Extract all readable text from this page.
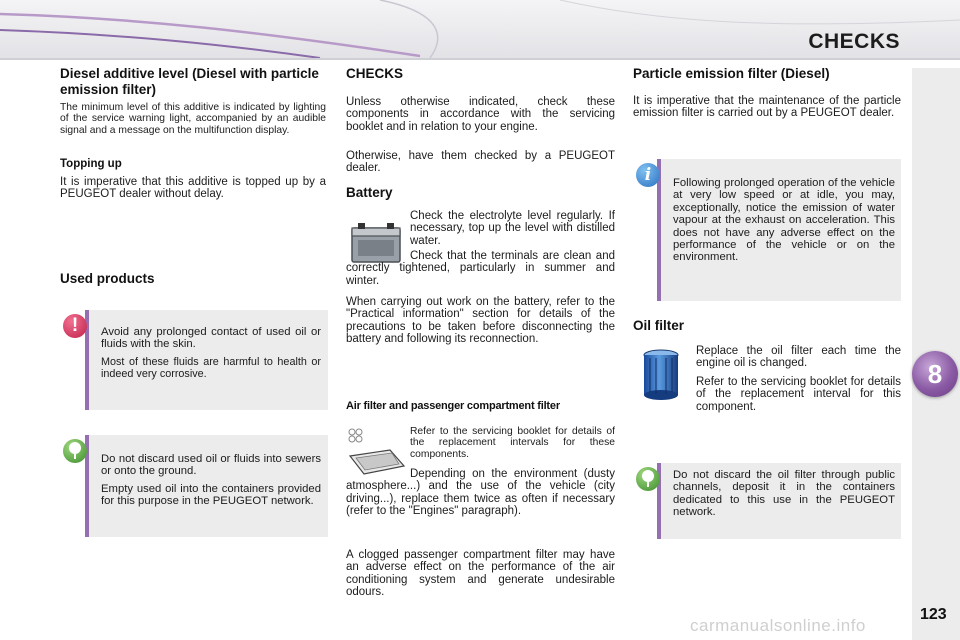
CHECKS
8
123
Diesel additive level (Diesel with particle emission filter)

The minimum level of this additive is indicated by lighting of the service warning light, accompanied by an audible signal and a message on the multifunction display.

Topping up

It is imperative that this additive is topped up by a PEUGEOT dealer without delay.

Used products

Avoid any prolonged contact of used oil or fluids with the skin.

Most of these fluids are harmful to health or indeed very corrosive.

!

Do not discard used oil or fluids into sewers or onto the ground.

Empty used oil into the containers provided for this purpose in the PEUGEOT network.

CHECKS

Unless otherwise indicated, check these components in accordance with the servicing booklet and in relation to your engine.

Otherwise, have them checked by a PEUGEOT dealer.

Battery

Check the electrolyte level regularly. If necessary, top up the level with distilled water.

Check that the terminals are clean and correctly tightened, particularly in summer and winter.

When carrying out work on the battery, refer to the "Practical information" section for details of the precautions to be taken before disconnecting the battery and following its reconnection.

Air filter and passenger compartment filter

Refer to the servicing booklet for details of the replacement intervals for these components.

Depending on the environment (dusty atmosphere...) and the use of the vehicle (city driving...), replace them twice as often if necessary (refer to the "Engines" paragraph).

A clogged passenger compartment filter may have an adverse effect on the performance of the air conditioning system and generate undesirable odours.

Particle emission filter (Diesel)

It is imperative that the maintenance of the particle emission filter is carried out by a PEUGEOT dealer.

Following prolonged operation of the vehicle at very low speed or at idle, you may, exceptionally, notice the emission of water vapour at the exhaust on acceleration. This does not have any adverse effect on the performance of the vehicle or on the environment.

i
Oil filter

Replace the oil filter each time the engine oil is changed.

Refer to the servicing booklet for details of the replacement interval for this component.

Do not discard the oil filter through public channels, deposit it in the containers dedicated to this use in the PEUGEOT network.

carmanualsonline.info
